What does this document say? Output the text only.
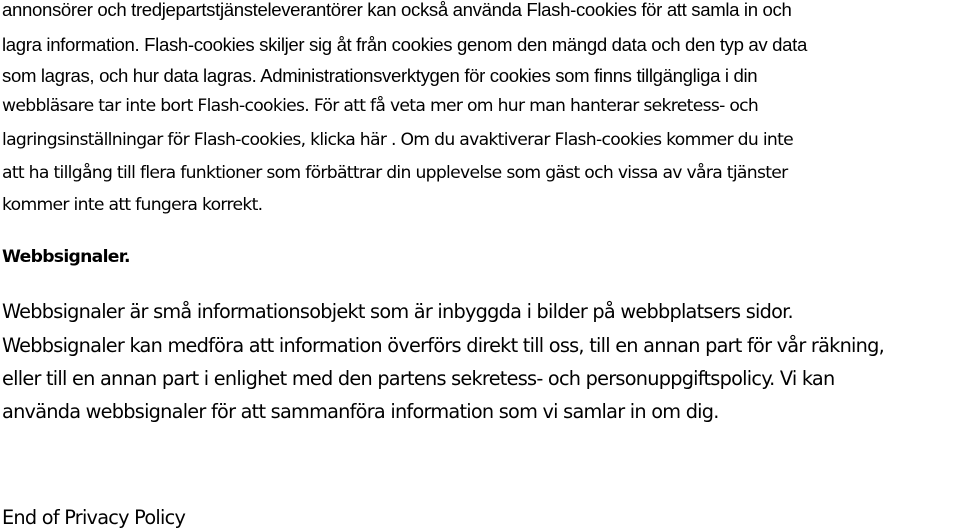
annonsörer och tredjepartstjänsteleverantörer kan också använda Flash-cookies för att samla in och
lagra information. Flash-cookies skiljer sig åt från cookies genom den mängd data och den typ av data
som lagras, och hur data lagras. Administrationsverktygen för cookies som finns tillgängliga i din
webbläsare tar inte bort Flash-cookies. För att få veta mer om hur man hanterar sekretess- och
lagringsinställningar för Flash-cookies, klicka här . Om du avaktiverar Flash-cookies kommer du inte
att ha tillgång till flera funktioner som förbättrar din upplevelse som gäst och vissa av våra tjänster
kommer inte att fungera korrekt.
Webbsignaler.
Webbsignaler är små informationsobjekt som är inbyggda i bilder på webbplatsers sidor.
Webbsignaler kan medföra att information överförs direkt till oss, till en annan part för vår räkning,
eller till en annan part i enlighet med den partens sekretess- och personuppgiftspolicy. Vi kan
använda webbsignaler för att sammanföra information som vi samlar in om dig.
End of Privacy Policy
